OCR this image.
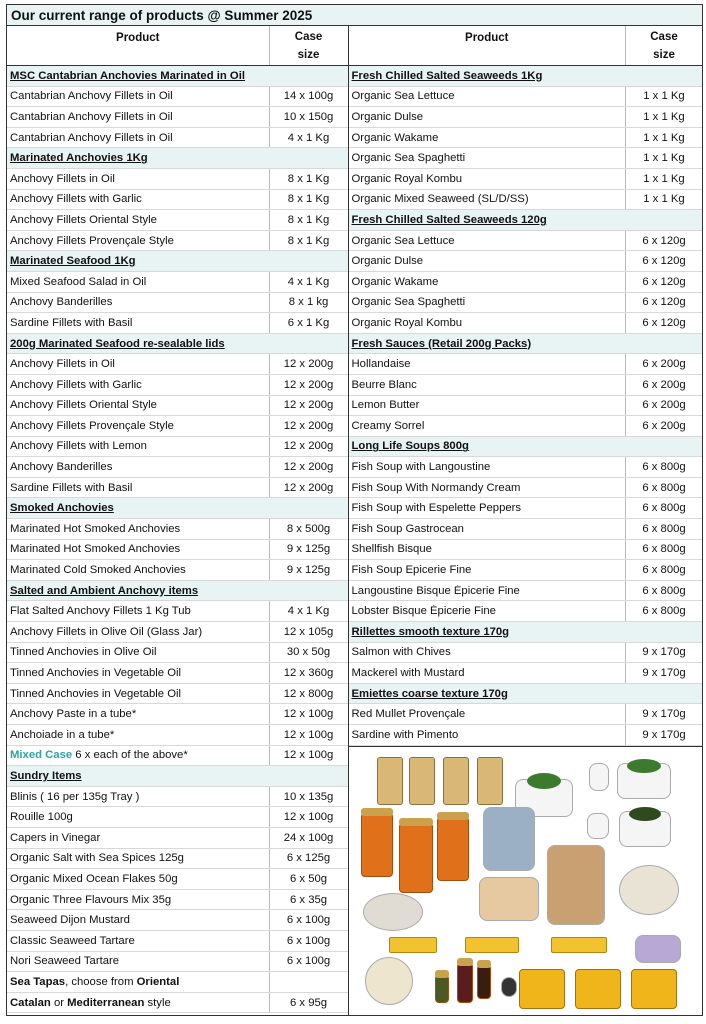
Our current range of products @ Summer 2025
Product	Case
size
MSC Cantabrian Anchovies Marinated in Oil
Cantabrian Anchovy Fillets in Oil	14 x 100g
Cantabrian Anchovy Fillets in Oil	10 x 150g
Cantabrian Anchovy Fillets in Oil	4 x 1 Kg
Marinated Anchovies 1Kg
Anchovy Fillets in Oil	8 x 1 Kg
Anchovy Fillets with Garlic	8 x 1 Kg
Anchovy Fillets Oriental Style	8 x 1 Kg
Anchovy Fillets Provençale Style	8 x 1 Kg
Marinated Seafood 1Kg
Mixed Seafood Salad in Oil	4 x 1 Kg
Anchovy Banderilles	8 x 1 kg
Sardine Fillets with Basil	6 x 1 Kg
200g Marinated Seafood re-sealable lids
Anchovy Fillets in Oil	12 x 200g
Anchovy Fillets with Garlic	12 x 200g
Anchovy Fillets Oriental Style	12 x 200g
Anchovy Fillets Provençale Style	12 x 200g
Anchovy Fillets with Lemon	12 x 200g
Anchovy Banderilles	12 x 200g
Sardine Fillets with Basil	12 x 200g
Smoked Anchovies
Marinated Hot Smoked Anchovies	8 x 500g
Marinated Hot Smoked Anchovies	9 x 125g
Marinated Cold Smoked Anchovies	9 x 125g
Salted and Ambient Anchovy items
Flat Salted Anchovy Fillets 1 Kg Tub	4 x 1 Kg
Anchovy Fillets in Olive Oil (Glass Jar)	12 x 105g
Tinned Anchovies in Olive Oil	30 x 50g
Tinned Anchovies in Vegetable Oil	12 x 360g
Tinned Anchovies in Vegetable Oil	12 x 800g
Anchovy Paste in a tube*	12 x 100g
Anchoiade in a tube*	12 x 100g
Mixed Case 6 x each of the above*	12 x 100g
Sundry Items
Blinis ( 16 per 135g Tray )	10 x 135g
Rouille 100g	12 x 100g
Capers in Vinegar	24 x 100g
Organic Salt with Sea Spices 125g	6 x 125g
Organic Mixed Ocean Flakes 50g	6 x 50g
Organic Three Flavours Mix 35g	6 x 35g
Seaweed Dijon Mustard	6 x 100g
Classic Seaweed Tartare	6 x 100g
Nori Seaweed Tartare	6 x 100g
Sea Tapas, choose from Oriental
Catalan or Mediterranean style	6 x 95g
Product	Case
size
Fresh Chilled Salted Seaweeds 1Kg
Organic Sea Lettuce	1 x 1 Kg
Organic Dulse	1 x 1 Kg
Organic Wakame	1 x 1 Kg
Organic Sea Spaghetti	1 x 1 Kg
Organic Royal Kombu	1 x 1 Kg
Organic Mixed Seaweed (SL/D/SS)	1 x 1 Kg
Fresh Chilled Salted Seaweeds 120g
Organic Sea Lettuce	6 x 120g
Organic Dulse	6 x 120g
Organic Wakame	6 x 120g
Organic Sea Spaghetti	6 x 120g
Organic Royal Kombu	6 x 120g
Fresh Sauces (Retail 200g Packs)
Hollandaise	6 x 200g
Beurre Blanc	6 x 200g
Lemon Butter	6 x 200g
Creamy Sorrel	6 x 200g
Long Life Soups 800g
Fish Soup with Langoustine	6 x 800g
Fish Soup With Normandy Cream	6 x 800g
Fish Soup with Espelette Peppers	6 x 800g
Fish Soup Gastrocean	6 x 800g
Shellfish Bisque	6 x 800g
Fish Soup Epicerie Fine	6 x 800g
Langoustine Bisque Épicerie Fine	6 x 800g
Lobster Bisque Épicerie Fine	6 x 800g
Rillettes smooth texture 170g
Salmon with Chives	9 x 170g
Mackerel with Mustard	9 x 170g
Emiettes coarse texture 170g
Red Mullet Provençale	9 x 170g
Sardine with Pimento	9 x 170g
